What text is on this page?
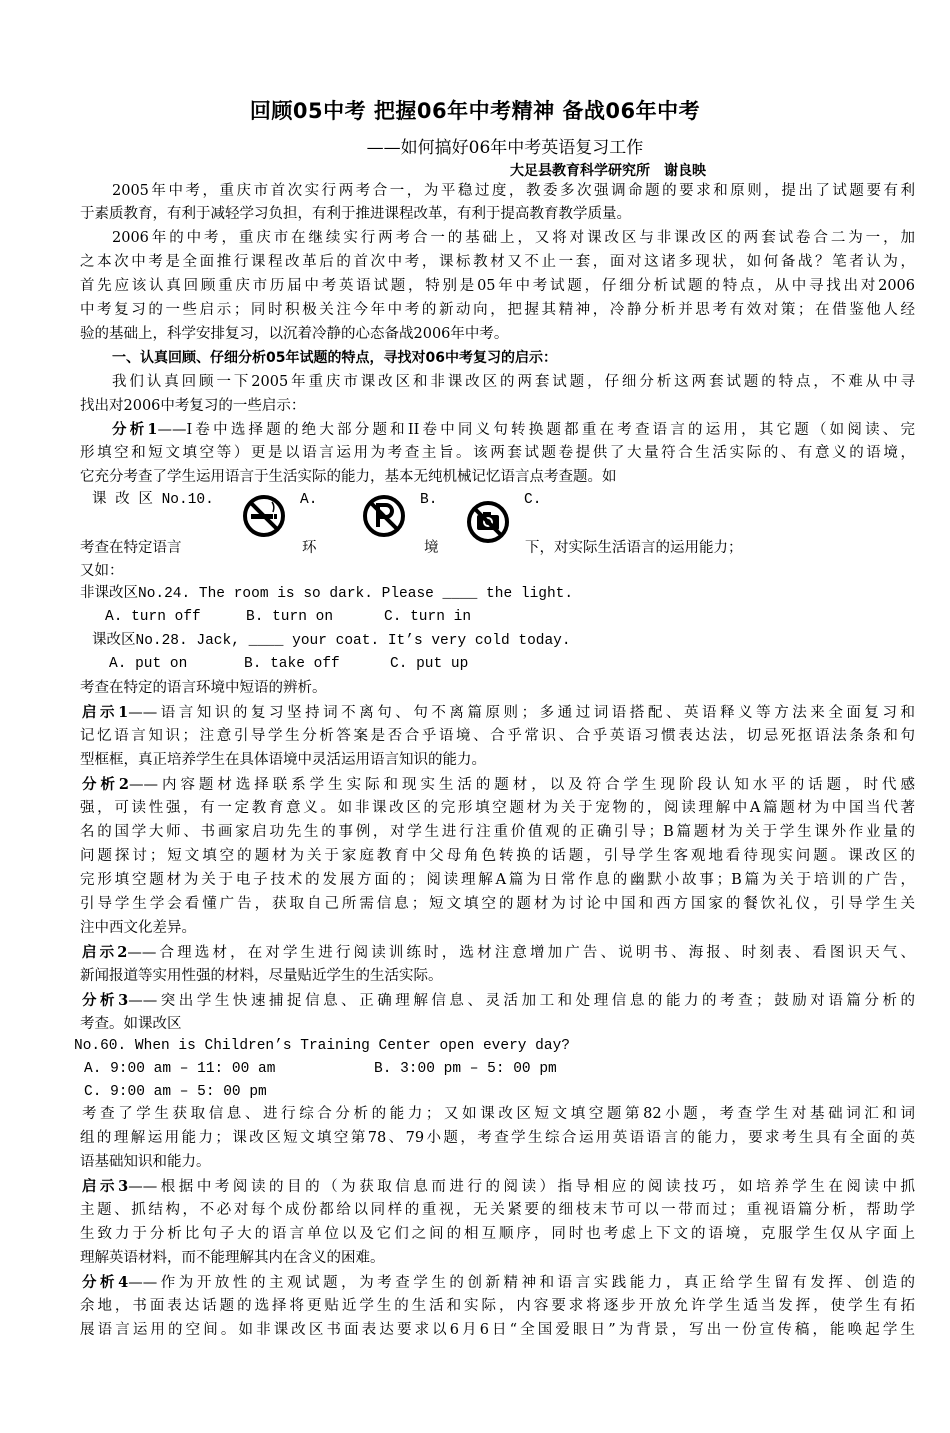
回顾05中考 把握06年中考精神 备战06年中考
——如何搞好06年中考英语复习工作
大足县教育科学研究所　谢良映
2005年中考，重庆市首次实行两考合一，为平稳过度，教委多次强调命题的要求和原则，提出了试题要有利
于素质教育，有利于减轻学习负担，有利于推进课程改革，有利于提高教育教学质量。
2006年的中考，重庆市在继续实行两考合一的基础上，又将对课改区与非课改区的两套试卷合二为一，加
之本次中考是全面推行课程改革后的首次中考，课标教材又不止一套，面对这诸多现状，如何备战？笔者认为，
首先应该认真回顾重庆市历届中考英语试题，特别是05年中考试题，仔细分析试题的特点，从中寻找出对2006
中考复习的一些启示；同时积极关注今年中考的新动向，把握其精神，冷静分析并思考有效对策；在借鉴他人经
验的基础上，科学安排复习，以沉着冷静的心态备战2006年中考。
一、认真回顾、仔细分析05年试题的特点，寻找对06中考复习的启示：
我们认真回顾一下2005年重庆市课改区和非课改区的两套试题，仔细分析这两套试题的特点，不难从中寻
找出对2006中考复习的一些启示：
分析1——I卷中选择题的绝大部分题和II卷中同义句转换题都重在考查语言的运用，其它题（如阅读、完
形填空和短文填空等）更是以语言运用为考查主旨。该两套试题卷提供了大量符合生活实际的、有意义的语境，
它充分考查了学生运用语言于生活实际的能力，基本无纯机械记忆语言点考查题。如
课 改 区 No.10.	A.	B.	C.
考查在特定语言	环	境	下，对实际生活语言的运用能力；
又如：
非课改区No.24. The room is so dark. Please ____ the light.
A. turn off	B. turn on	C. turn in
课改区No.28. Jack, ____ your coat. It’s very cold today.
A. put on	B. take off	C. put up
考查在特定的语言环境中短语的辨析。
启示1——语言知识的复习坚持词不离句、句不离篇原则；多通过词语搭配、英语释义等方法来全面复习和
记忆语言知识；注意引导学生分析答案是否合乎语境、合乎常识、合乎英语习惯表达法，切忌死抠语法条条和句
型框框，真正培养学生在具体语境中灵活运用语言知识的能力。
分析2——内容题材选择联系学生实际和现实生活的题材，以及符合学生现阶段认知水平的话题，时代感
强，可读性强，有一定教育意义。如非课改区的完形填空题材为关于宠物的，阅读理解中A篇题材为中国当代著
名的国学大师、书画家启功先生的事例，对学生进行注重价值观的正确引导；B篇题材为关于学生课外作业量的
问题探讨；短文填空的题材为关于家庭教育中父母角色转换的话题，引导学生客观地看待现实问题。课改区的
完形填空题材为关于电子技术的发展方面的；阅读理解A篇为日常作息的幽默小故事；B篇为关于培训的广告，
引导学生学会看懂广告，获取自己所需信息；短文填空的题材为讨论中国和西方国家的餐饮礼仪，引导学生关
注中西文化差异。
启示2——合理选材，在对学生进行阅读训练时，选材注意增加广告、说明书、海报、时刻表、看图识天气、
新闻报道等实用性强的材料，尽量贴近学生的生活实际。
分析3——突出学生快速捕捉信息、正确理解信息、灵活加工和处理信息的能力的考查；鼓励对语篇分析的
考查。如课改区
No.60. When is Children’s Training Center open every day?
A. 9:00 am – 11: 00 am	B. 3:00 pm – 5: 00 pm
C. 9:00 am – 5: 00 pm
考查了学生获取信息、进行综合分析的能力；又如课改区短文填空题第82小题，考查学生对基础词汇和词
组的理解运用能力；课改区短文填空第78、79小题，考查学生综合运用英语语言的能力，要求考生具有全面的英
语基础知识和能力。
启示3——根据中考阅读的目的（为获取信息而进行的阅读）指导相应的阅读技巧，如培养学生在阅读中抓
主题、抓结构，不必对每个成份都给以同样的重视，无关紧要的细枝末节可以一带而过；重视语篇分析，帮助学
生致力于分析比句子大的语言单位以及它们之间的相互顺序，同时也考虑上下文的语境，克服学生仅从字面上
理解英语材料，而不能理解其内在含义的困难。
分析4——作为开放性的主观试题，为考查学生的创新精神和语言实践能力，真正给学生留有发挥、创造的
余地，书面表达话题的选择将更贴近学生的生活和实际，内容要求将逐步开放允许学生适当发挥，使学生有拓
展语言运用的空间。如非课改区书面表达要求以6月6日“全国爱眼日”为背景，写出一份宣传稿，能唤起学生
